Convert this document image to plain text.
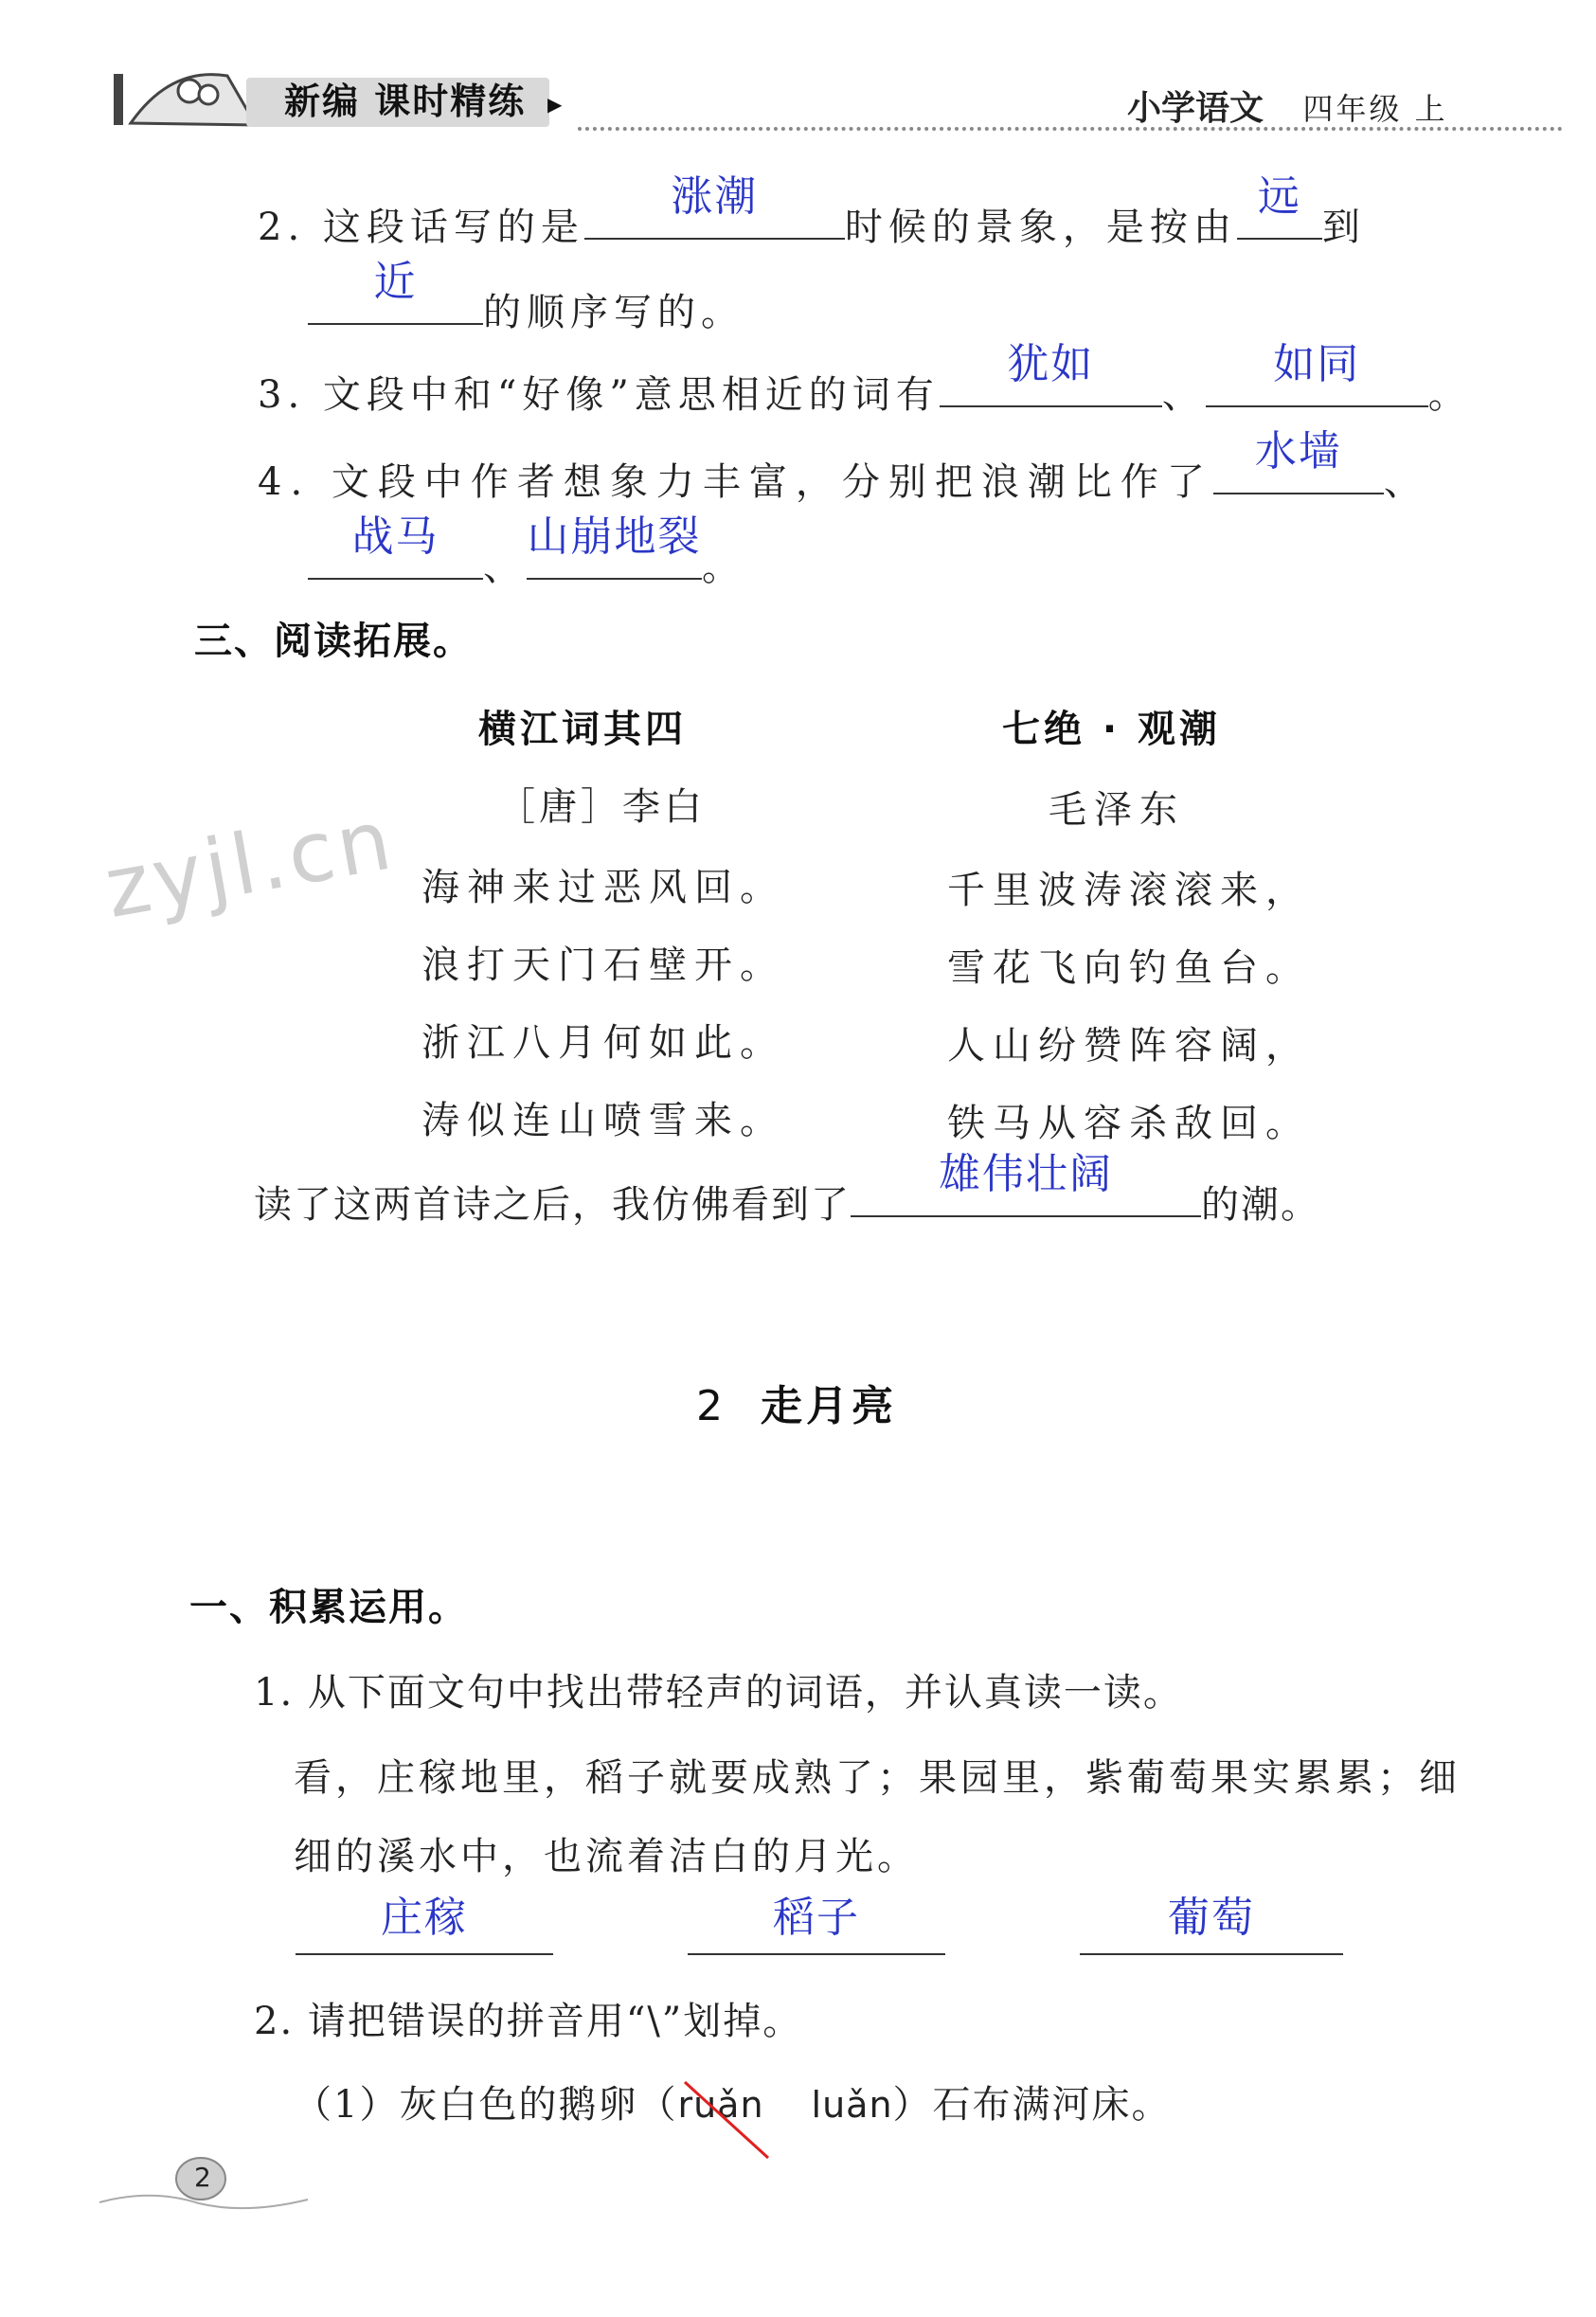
新编 课时精练 ▶	小学语文 四年级 上
2. 这段话写的是
涨潮
时候的景象，是按由
远
到
近
的顺序写的。
3. 文段中和“好像”意思相近的词有
犹如
、
如同
。
4. 文段中作者想象力丰富，分别把浪潮比作了
水墙
、
战马
、
山崩地裂
。
三、阅读拓展。
横江词其四
［唐］李白
海神来过恶风回。
浪打天门石壁开。
浙江八月何如此。
涛似连山喷雪来。
七绝 · 观潮
毛泽东
千里波涛滚滚来，
雪花飞向钓鱼台。
人山纷赞阵容阔，
铁马从容杀敌回。
zyjl.cn
读了这两首诗之后，我仿佛看到了
雄伟壮阔
的潮。
2 走月亮
一、积累运用。
1. 从下面文句中找出带轻声的词语，并认真读一读。
看，庄稼地里，稻子就要成熟了；果园里，紫葡萄果实累累；细
细的溪水中，也流着洁白的月光。
庄稼	稻子	葡萄
2. 请把错误的拼音用“\”划掉。
（1）灰白色的鹅卵（ruǎn luǎn）石布满河床。
2
